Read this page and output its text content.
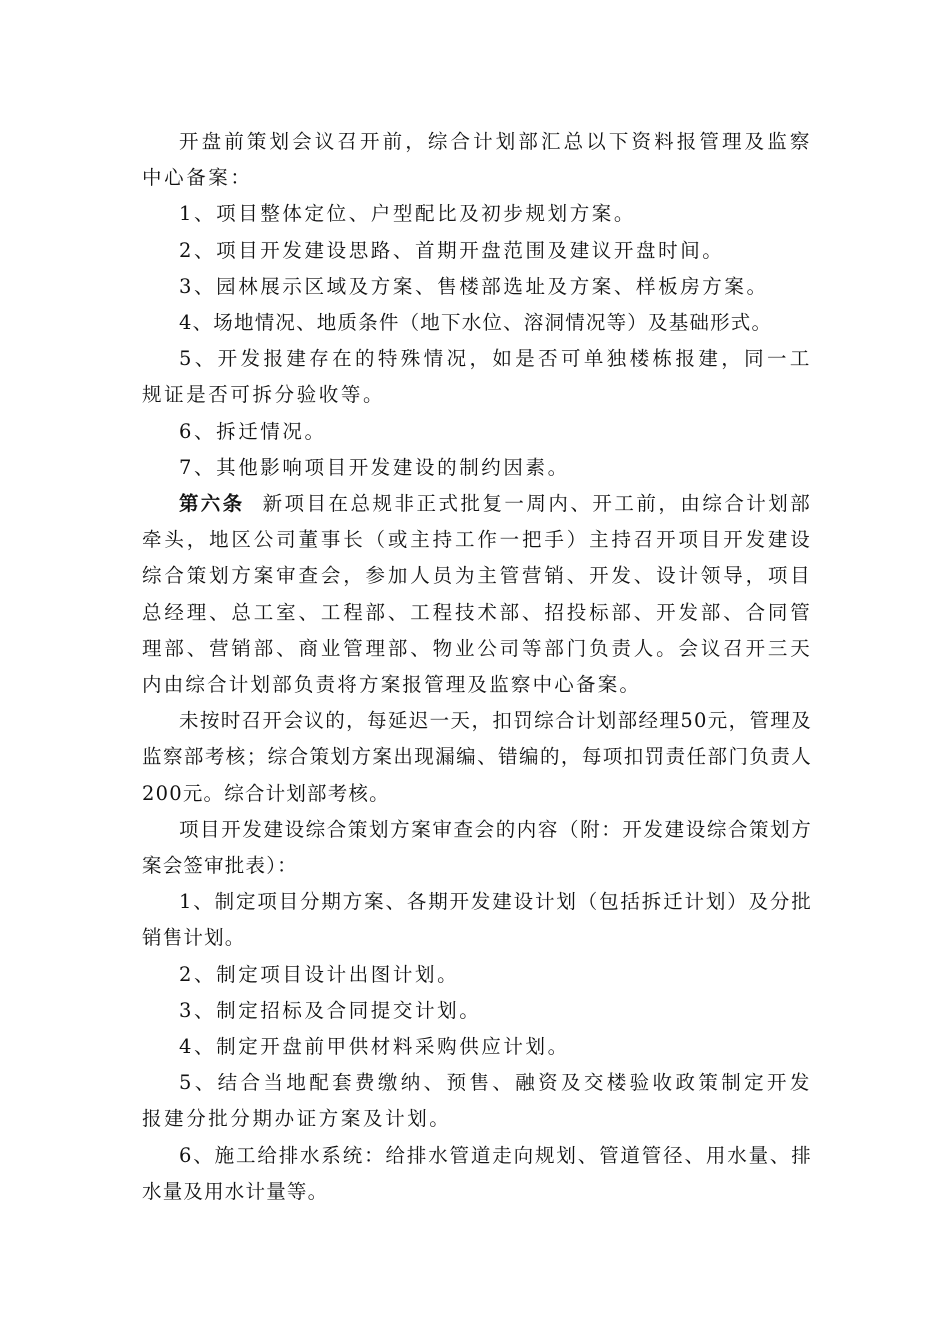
开盘前策划会议召开前，综合计划部汇总以下资料报管理及监察中心备案：

1、项目整体定位、户型配比及初步规划方案。

2、项目开发建设思路、首期开盘范围及建议开盘时间。

3、园林展示区域及方案、售楼部选址及方案、样板房方案。

4、场地情况、地质条件（地下水位、溶洞情况等）及基础形式。

5、开发报建存在的特殊情况，如是否可单独楼栋报建，同一工规证是否可拆分验收等。

6、拆迁情况。

7、其他影响项目开发建设的制约因素。

第六条 新项目在总规非正式批复一周内、开工前，由综合计划部牵头，地区公司董事长（或主持工作一把手）主持召开项目开发建设综合策划方案审查会，参加人员为主管营销、开发、设计领导，项目总经理、总工室、工程部、工程技术部、招投标部、开发部、合同管理部、营销部、商业管理部、物业公司等部门负责人。会议召开三天内由综合计划部负责将方案报管理及监察中心备案。

未按时召开会议的，每延迟一天，扣罚综合计划部经理50元，管理及监察部考核；综合策划方案出现漏编、错编的，每项扣罚责任部门负责人200元。综合计划部考核。

项目开发建设综合策划方案审查会的内容（附：开发建设综合策划方案会签审批表）：

1、制定项目分期方案、各期开发建设计划（包括拆迁计划）及分批销售计划。

2、制定项目设计出图计划。

3、制定招标及合同提交计划。

4、制定开盘前甲供材料采购供应计划。

5、结合当地配套费缴纳、预售、融资及交楼验收政策制定开发报建分批分期办证方案及计划。

6、施工给排水系统：给排水管道走向规划、管道管径、用水量、排水量及用水计量等。
